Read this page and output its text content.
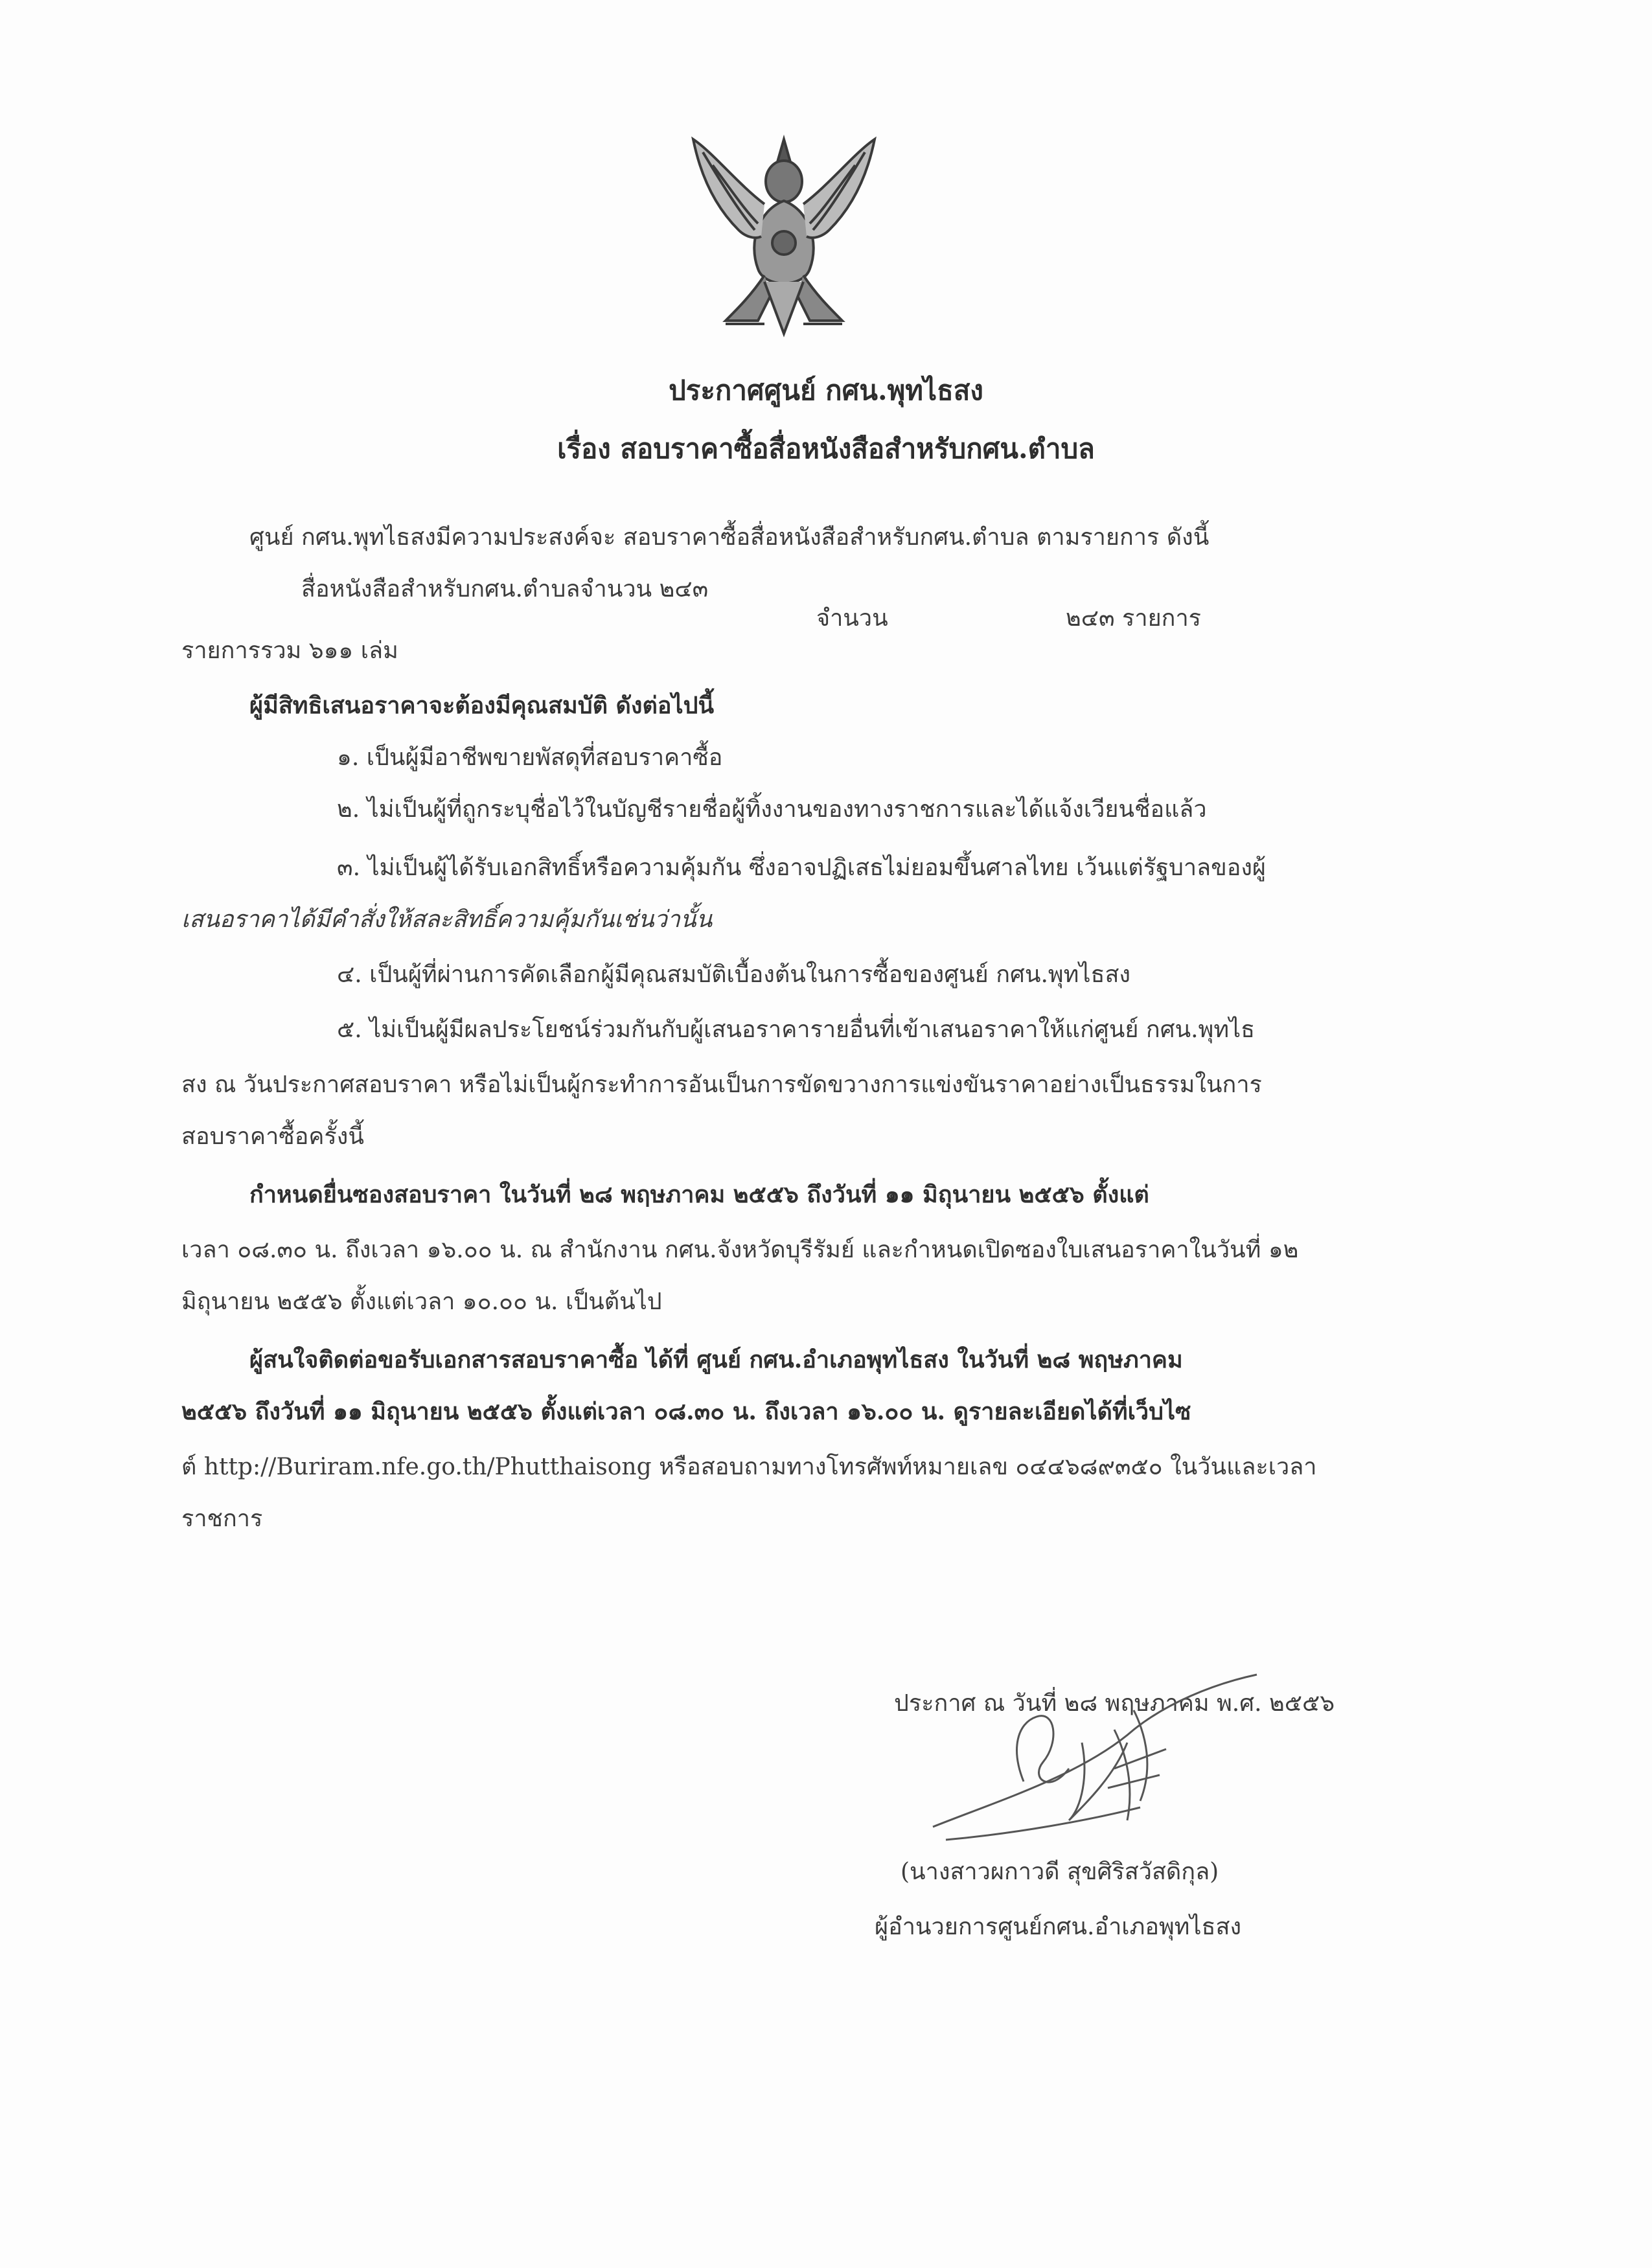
ประกาศศูนย์ กศน.พุทไธสง
เรื่อง สอบราคาซื้อสื่อหนังสือสำหรับกศน.ตำบล
ศูนย์ กศน.พุทไธสงมีความประสงค์จะ สอบราคาซื้อสื่อหนังสือสำหรับกศน.ตำบล ตามรายการ ดังนี้
สื่อหนังสือสำหรับกศน.ตำบลจำนวน ๒๔๓
จำนวน	๒๔๓ รายการ
รายการรวม ๖๑๑ เล่ม
ผู้มีสิทธิเสนอราคาจะต้องมีคุณสมบัติ ดังต่อไปนี้
๑. เป็นผู้มีอาชีพขายพัสดุที่สอบราคาซื้อ
๒. ไม่เป็นผู้ที่ถูกระบุชื่อไว้ในบัญชีรายชื่อผู้ทิ้งงานของทางราชการและได้แจ้งเวียนชื่อแล้ว
๓. ไม่เป็นผู้ได้รับเอกสิทธิ์หรือความคุ้มกัน ซึ่งอาจปฏิเสธไม่ยอมขึ้นศาลไทย เว้นแต่รัฐบาลของผู้
เสนอราคาได้มีคำสั่งให้สละสิทธิ์ความคุ้มกันเช่นว่านั้น
๔. เป็นผู้ที่ผ่านการคัดเลือกผู้มีคุณสมบัติเบื้องต้นในการซื้อของศูนย์ กศน.พุทไธสง
๕. ไม่เป็นผู้มีผลประโยชน์ร่วมกันกับผู้เสนอราคารายอื่นที่เข้าเสนอราคาให้แก่ศูนย์ กศน.พุทไธ
สง ณ วันประกาศสอบราคา หรือไม่เป็นผู้กระทำการอันเป็นการขัดขวางการแข่งขันราคาอย่างเป็นธรรมในการ
สอบราคาซื้อครั้งนี้
กำหนดยื่นซองสอบราคา ในวันที่ ๒๘ พฤษภาคม ๒๕๕๖ ถึงวันที่ ๑๑ มิถุนายน ๒๕๕๖ ตั้งแต่
เวลา ๐๘.๓๐ น. ถึงเวลา ๑๖.๐๐ น. ณ สำนักงาน กศน.จังหวัดบุรีรัมย์ และกำหนดเปิดซองใบเสนอราคาในวันที่ ๑๒
มิถุนายน ๒๕๕๖ ตั้งแต่เวลา ๑๐.๐๐ น. เป็นต้นไป
ผู้สนใจติดต่อขอรับเอกสารสอบราคาซื้อ ได้ที่ ศูนย์ กศน.อำเภอพุทไธสง ในวันที่ ๒๘ พฤษภาคม
๒๕๕๖ ถึงวันที่ ๑๑ มิถุนายน ๒๕๕๖ ตั้งแต่เวลา ๐๘.๓๐ น. ถึงเวลา ๑๖.๐๐ น. ดูรายละเอียดได้ที่เว็บไซ
ต์ http://Buriram.nfe.go.th/Phutthaisong หรือสอบถามทางโทรศัพท์หมายเลข ๐๔๔๖๘๙๓๕๐ ในวันและเวลา
ราชการ
ประกาศ ณ วันที่ ๒๘ พฤษภาคม พ.ศ. ๒๕๕๖
(นางสาวผกาวดี สุขศิริสวัสดิกุล)
ผู้อำนวยการศูนย์กศน.อำเภอพุทไธสง
